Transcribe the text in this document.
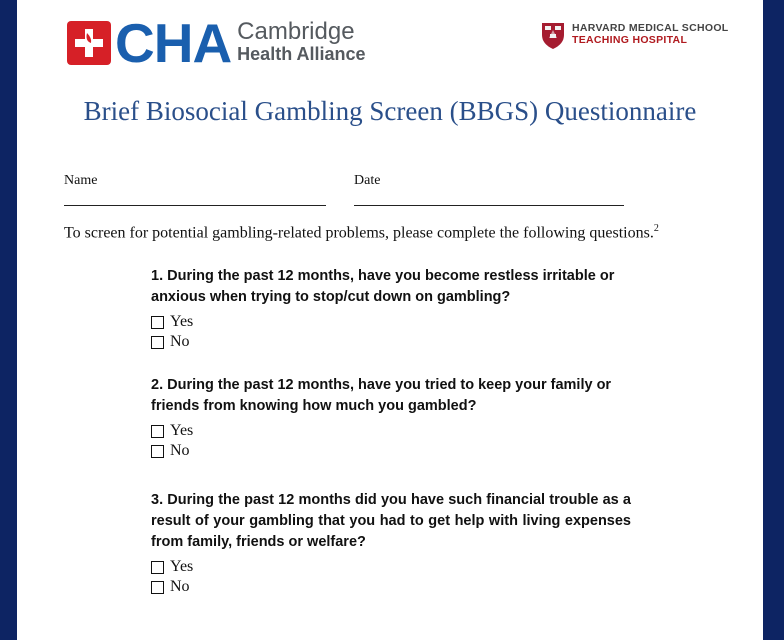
CHA Cambridge
Health Alliance
HARVARD MEDICAL SCHOOL
TEACHING HOSPITAL
Brief Biosocial Gambling Screen (BBGS) Questionnaire
Name	Date
To screen for potential gambling-related problems, please complete the following questions.$^2$
1. During the past 12 months, have you become restless irritable or anxious when trying to stop/cut down on gambling?
Yes
No
2. During the past 12 months, have you tried to keep your family or friends from knowing how much you gambled?
Yes
No
3. During the past 12 months did you have such financial trouble as a result of your gambling that you had to get help with living expenses from family, friends or welfare?
Yes
No
